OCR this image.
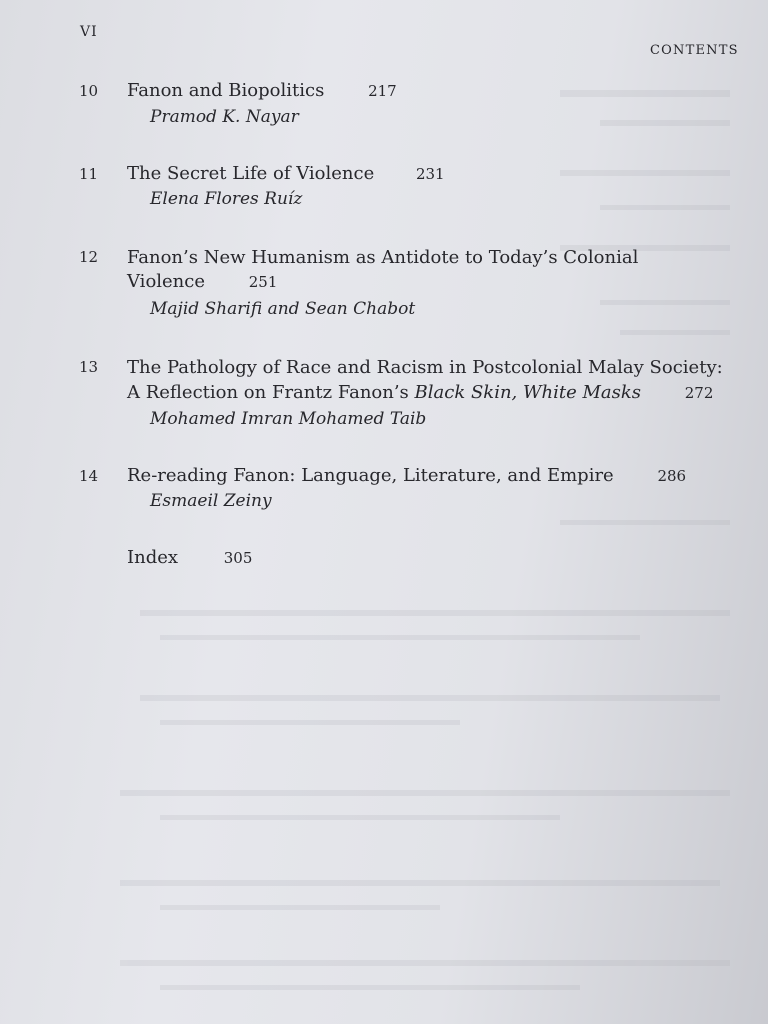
VI
CONTENTS
10 Fanon and Biopolitics	217
Pramod K. Nayar
11 The Secret Life of Violence	231
Elena Flores Ruíz
12 Fanon’s New Humanism as Antidote to Today’s Colonial
Violence	251
Majid Sharifi and Sean Chabot
13 The Pathology of Race and Racism in Postcolonial Malay Society:
A Reflection on Frantz Fanon’s Black Skin, White Masks	272
Mohamed Imran Mohamed Taib
14 Re-reading Fanon: Language, Literature, and Empire	286
Esmaeil Zeiny
Index	305
